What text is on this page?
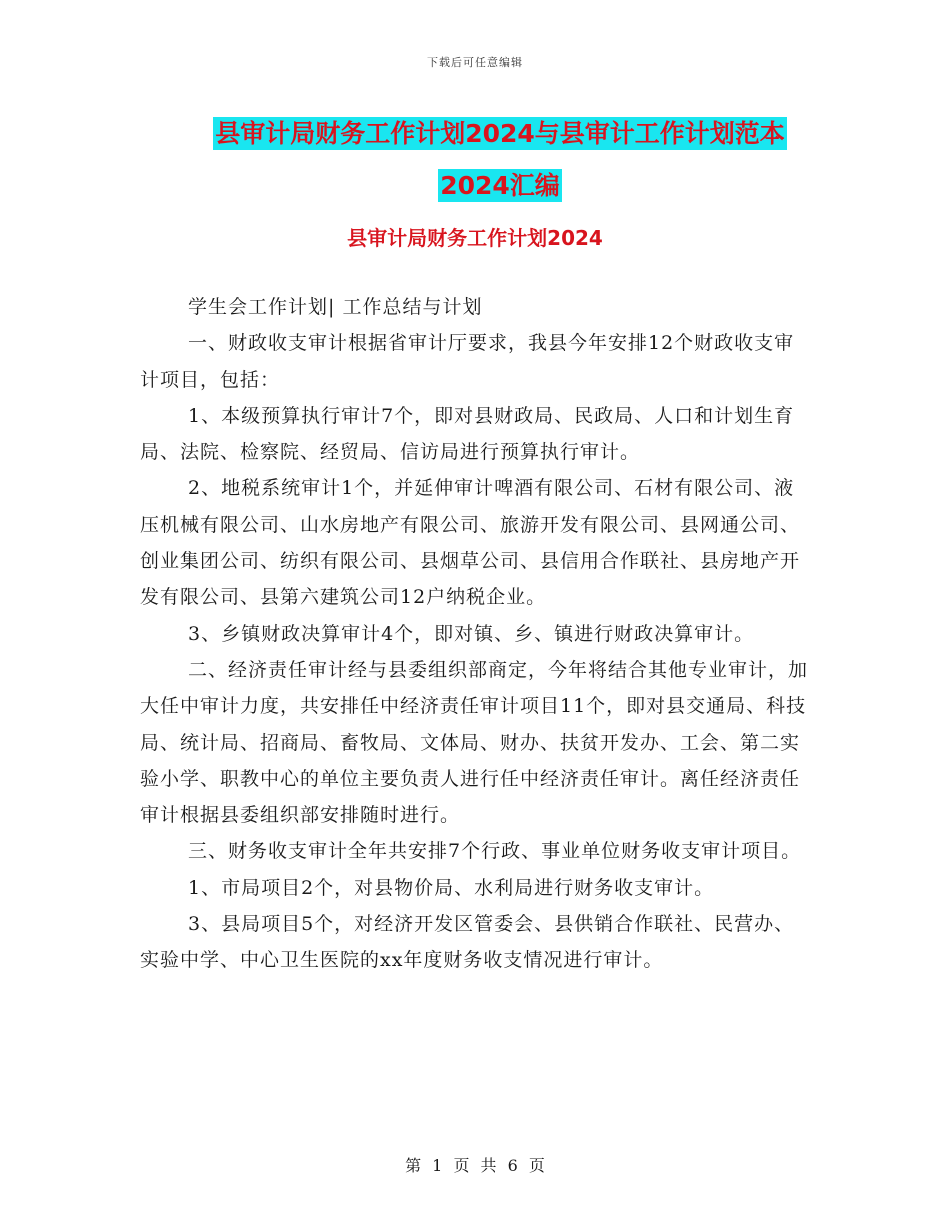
下载后可任意编辑
县审计局财务工作计划2024与县审计工作计划范本
2024汇编
县审计局财务工作计划2024

学生会工作计划| 工作总结与计划

一、财政收支审计根据省审计厅要求，我县今年安排12个财政收支审计项目，包括：

1、本级预算执行审计7个，即对县财政局、民政局、人口和计划生育局、法院、检察院、经贸局、信访局进行预算执行审计。

2、地税系统审计1个，并延伸审计啤酒有限公司、石材有限公司、液压机械有限公司、山水房地产有限公司、旅游开发有限公司、县网通公司、创业集团公司、纺织有限公司、县烟草公司、县信用合作联社、县房地产开发有限公司、县第六建筑公司12户纳税企业。

3、乡镇财政决算审计4个，即对镇、乡、镇进行财政决算审计。

二、经济责任审计经与县委组织部商定，今年将结合其他专业审计，加大任中审计力度，共安排任中经济责任审计项目11个，即对县交通局、科技局、统计局、招商局、畜牧局、文体局、财办、扶贫开发办、工会、第二实验小学、职教中心的单位主要负责人进行任中经济责任审计。离任经济责任审计根据县委组织部安排随时进行。

三、财务收支审计全年共安排7个行政、事业单位财务收支审计项目。

1、市局项目2个，对县物价局、水利局进行财务收支审计。

3、县局项目5个，对经济开发区管委会、县供销合作联社、民营办、实验中学、中心卫生医院的xx年度财务收支情况进行审计。

第 1 页 共 6 页
